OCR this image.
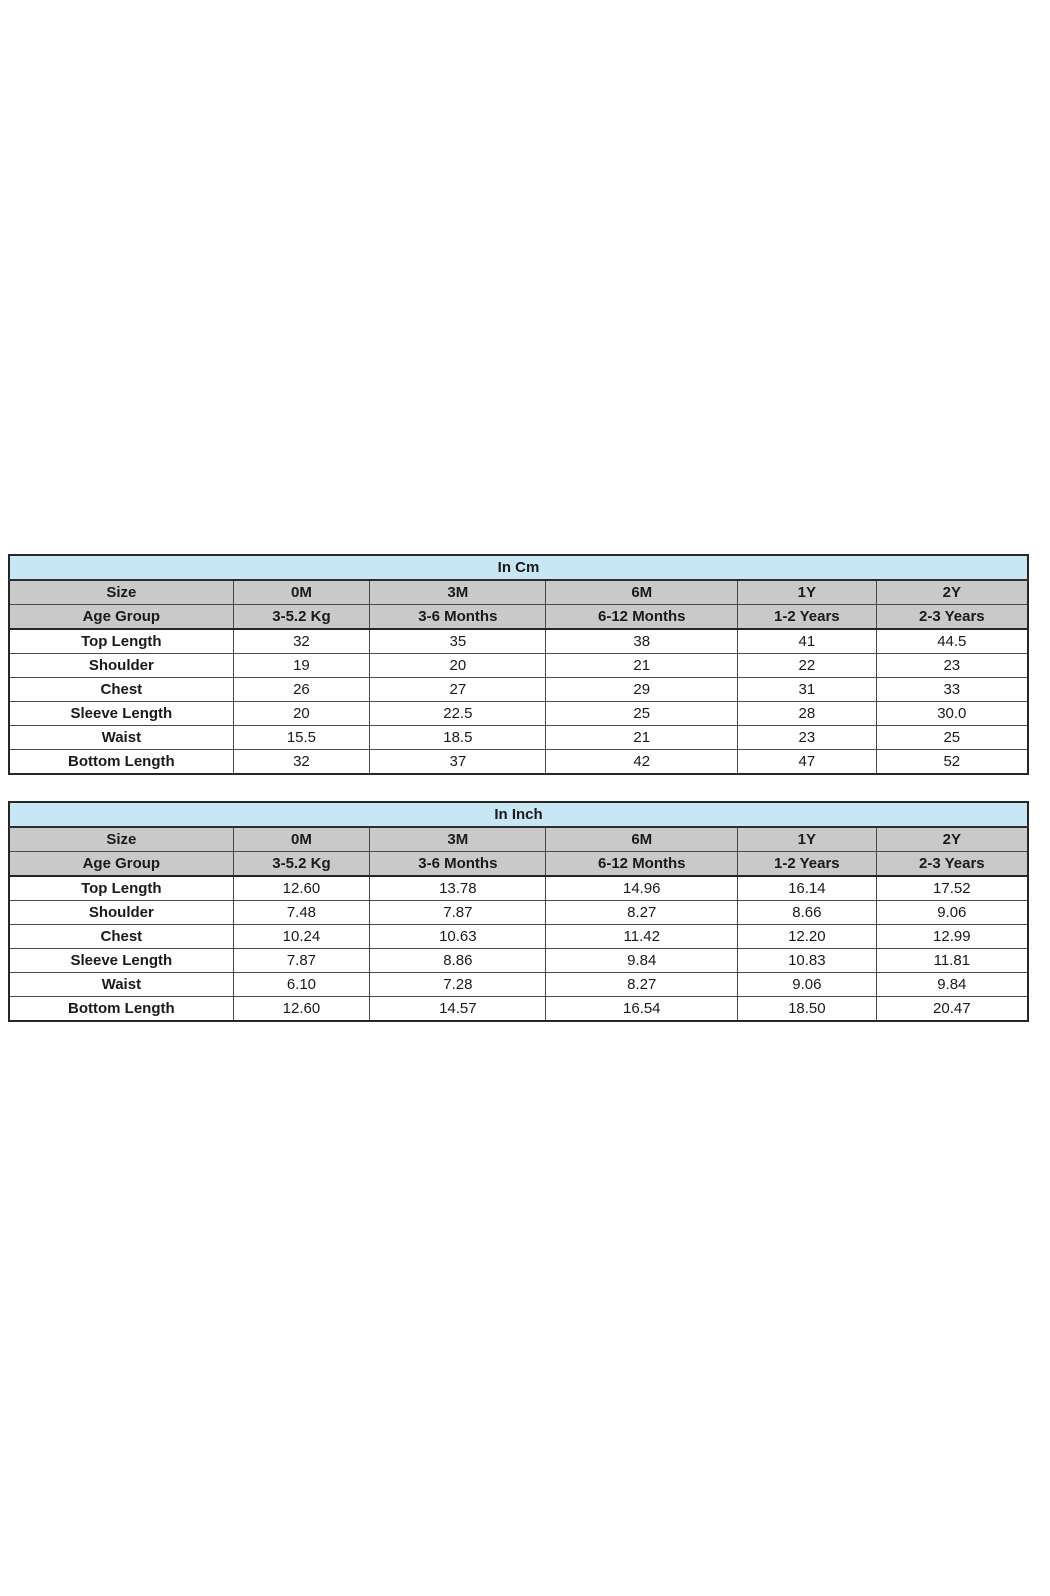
In Cm					
Size	0M	3M	6M	1Y	2Y
Age Group	3-5.2 Kg	3-6 Months	6-12 Months	1-2 Years	2-3 Years
Top Length	32	35	38	41	44.5
Shoulder	19	20	21	22	23
Chest	26	27	29	31	33
Sleeve Length	20	22.5	25	28	30.0
Waist	15.5	18.5	21	23	25
Bottom Length	32	37	42	47	52
In Inch					
Size	0M	3M	6M	1Y	2Y
Age Group	3-5.2 Kg	3-6 Months	6-12 Months	1-2 Years	2-3 Years
Top Length	12.60	13.78	14.96	16.14	17.52
Shoulder	7.48	7.87	8.27	8.66	9.06
Chest	10.24	10.63	11.42	12.20	12.99
Sleeve Length	7.87	8.86	9.84	10.83	11.81
Waist	6.10	7.28	8.27	9.06	9.84
Bottom Length	12.60	14.57	16.54	18.50	20.47
